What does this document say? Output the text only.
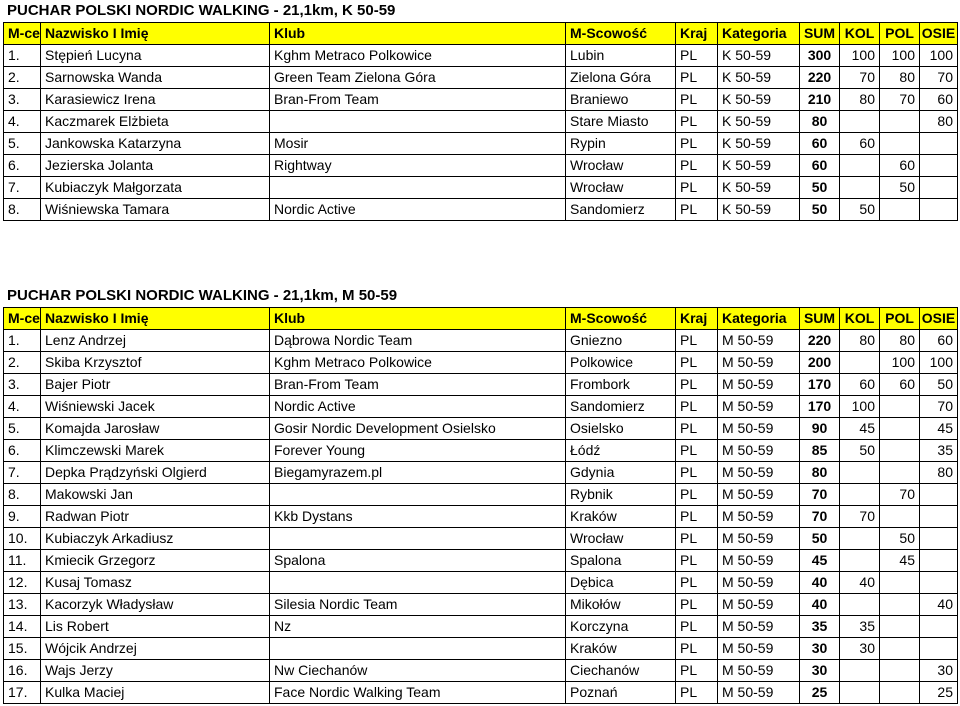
PUCHAR POLSKI NORDIC WALKING - 21,1km, K 50-59
M-ce	Nazwisko I Imię	Klub	M-Scowość	Kraj	Kategoria	SUM	KOL	POL	OSIE
1.	Stępień Lucyna	Kghm Metraco Polkowice	Lubin	PL	K 50-59	300	100	100	100
2.	Sarnowska Wanda	Green Team Zielona Góra	Zielona Góra	PL	K 50-59	220	70	80	70
3.	Karasiewicz Irena	Bran-From Team	Braniewo	PL	K 50-59	210	80	70	60
4.	Kaczmarek Elżbieta		Stare Miasto	PL	K 50-59	80			80
5.	Jankowska Katarzyna	Mosir	Rypin	PL	K 50-59	60	60		
6.	Jezierska Jolanta	Rightway	Wrocław	PL	K 50-59	60		60	
7.	Kubiaczyk Małgorzata		Wrocław	PL	K 50-59	50		50	
8.	Wiśniewska Tamara	Nordic Active	Sandomierz	PL	K 50-59	50	50		
PUCHAR POLSKI NORDIC WALKING - 21,1km, M 50-59
M-ce	Nazwisko I Imię	Klub	M-Scowość	Kraj	Kategoria	SUM	KOL	POL	OSIE
1.	Lenz Andrzej	Dąbrowa Nordic Team	Gniezno	PL	M 50-59	220	80	80	60
2.	Skiba Krzysztof	Kghm Metraco Polkowice	Polkowice	PL	M 50-59	200		100	100
3.	Bajer Piotr	Bran-From Team	Frombork	PL	M 50-59	170	60	60	50
4.	Wiśniewski Jacek	Nordic Active	Sandomierz	PL	M 50-59	170	100		70
5.	Komajda Jarosław	Gosir Nordic Development Osielsko	Osielsko	PL	M 50-59	90	45		45
6.	Klimczewski Marek	Forever Young	Łódź	PL	M 50-59	85	50		35
7.	Depka Prądzyński Olgierd	Biegamyrazem.pl	Gdynia	PL	M 50-59	80			80
8.	Makowski Jan		Rybnik	PL	M 50-59	70		70	
9.	Radwan Piotr	Kkb Dystans	Kraków	PL	M 50-59	70	70		
10.	Kubiaczyk Arkadiusz		Wrocław	PL	M 50-59	50		50	
11.	Kmiecik Grzegorz	Spalona	Spalona	PL	M 50-59	45		45	
12.	Kusaj Tomasz		Dębica	PL	M 50-59	40	40		
13.	Kacorzyk Władysław	Silesia Nordic Team	Mikołów	PL	M 50-59	40			40
14.	Lis Robert	Nz	Korczyna	PL	M 50-59	35	35		
15.	Wójcik Andrzej		Kraków	PL	M 50-59	30	30		
16.	Wajs Jerzy	Nw Ciechanów	Ciechanów	PL	M 50-59	30			30
17.	Kulka Maciej	Face Nordic Walking Team	Poznań	PL	M 50-59	25			25
